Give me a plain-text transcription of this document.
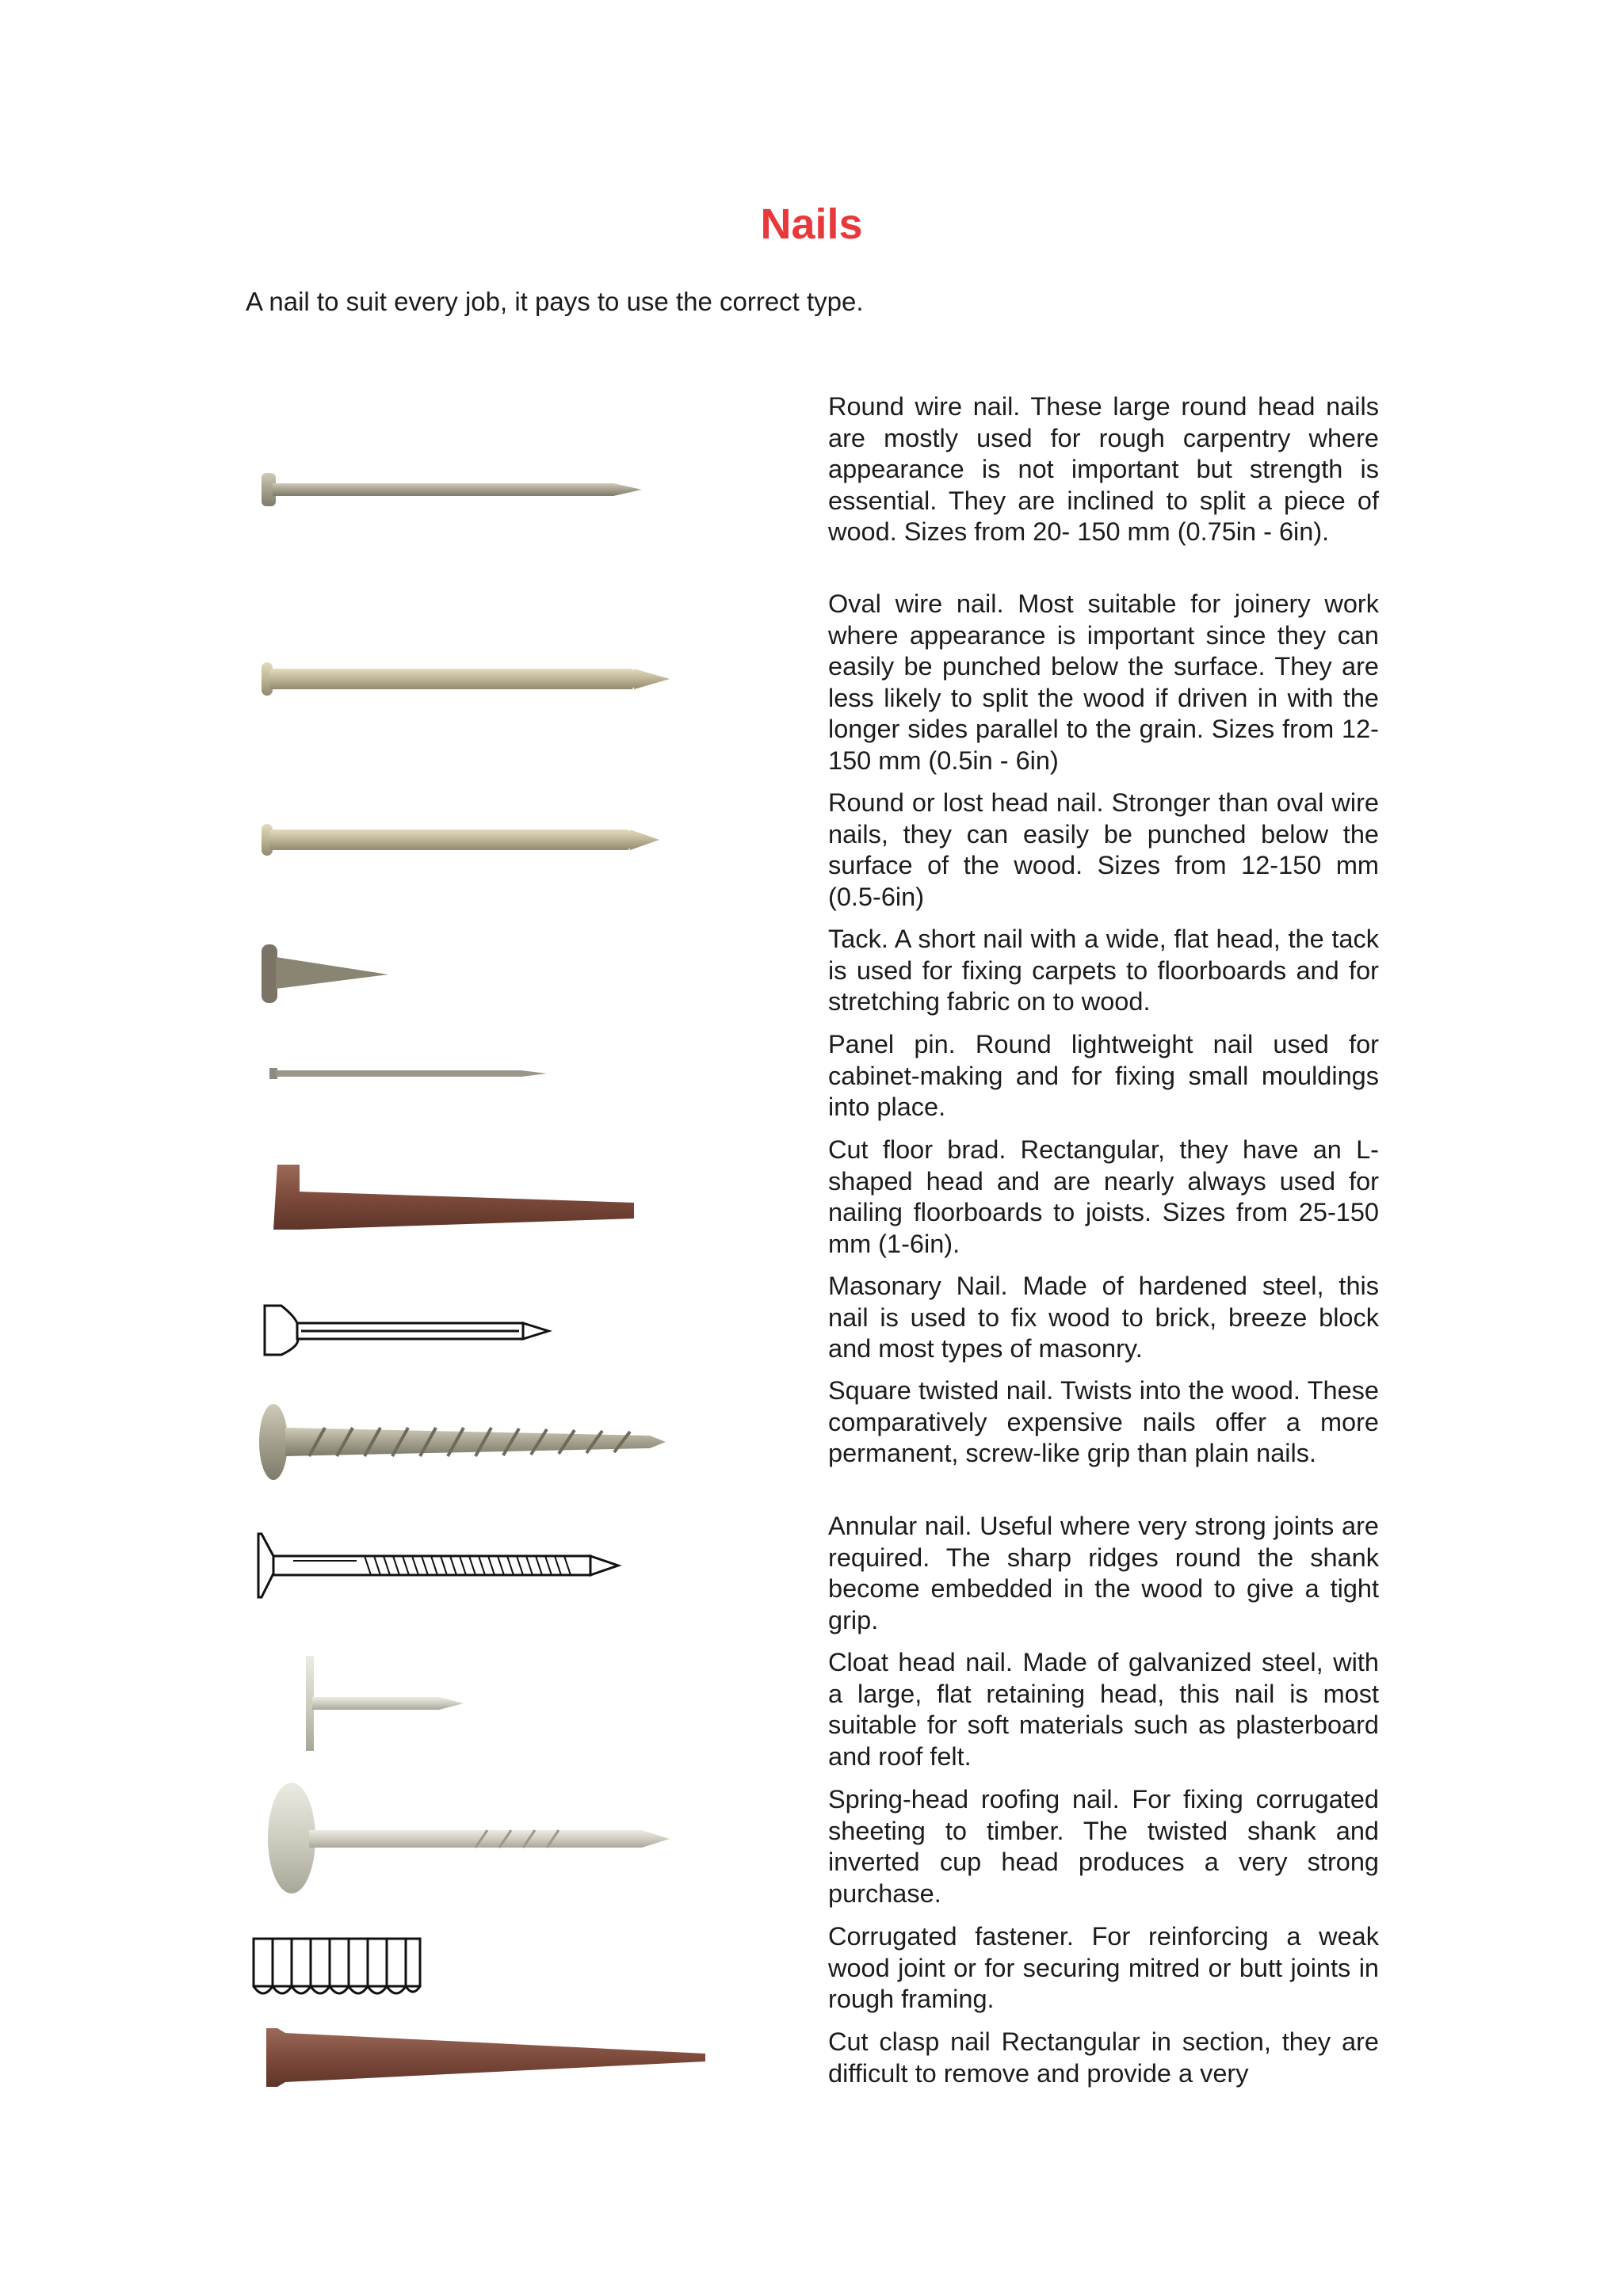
Nails
A nail to suit every job, it pays to use the correct type.

Round wire nail. These large round head nails are mostly used for rough carpentry where appearance is not important but strength is essential. They are inclined to split a piece of wood. Sizes from 20- 150 mm (0.75in - 6in).

Oval wire nail. Most suitable for joinery work where appearance is important since they can easily be punched below the surface. They are less likely to split the wood if driven in with the longer sides parallel to the grain. Sizes from 12-150 mm (0.5in - 6in)

Round or lost head nail. Stronger than oval wire nails, they can easily be punched below the surface of the wood. Sizes from 12-150 mm (0.5-6in)

Tack. A short nail with a wide, flat head, the tack is used for fixing carpets to floorboards and for stretching fabric on to wood.

Panel pin. Round lightweight nail used for cabinet-making and for fixing small mouldings into place.

Cut floor brad. Rectangular, they have an L-shaped head and are nearly always used for nailing floorboards to joists. Sizes from 25-150 mm (1-6in).

Masonary Nail. Made of hardened steel, this nail is used to fix wood to brick, breeze block and most types of masonry.

Square twisted nail. Twists into the wood. These comparatively expensive nails offer a more permanent, screw-like grip than plain nails.

Annular nail. Useful where very strong joints are required. The sharp ridges round the shank become embedded in the wood to give a tight grip.

Cloat head nail. Made of galvanized steel, with a large, flat retaining head, this nail is most suitable for soft materials such as plasterboard and roof felt.

Spring-head roofing nail. For fixing corrugated sheeting to timber. The twisted shank and inverted cup head produces a very strong purchase.

Corrugated fastener. For reinforcing a weak wood joint or for securing mitred or butt joints in rough framing.

Cut clasp nail Rectangular in section, they are difficult to remove and provide a very
